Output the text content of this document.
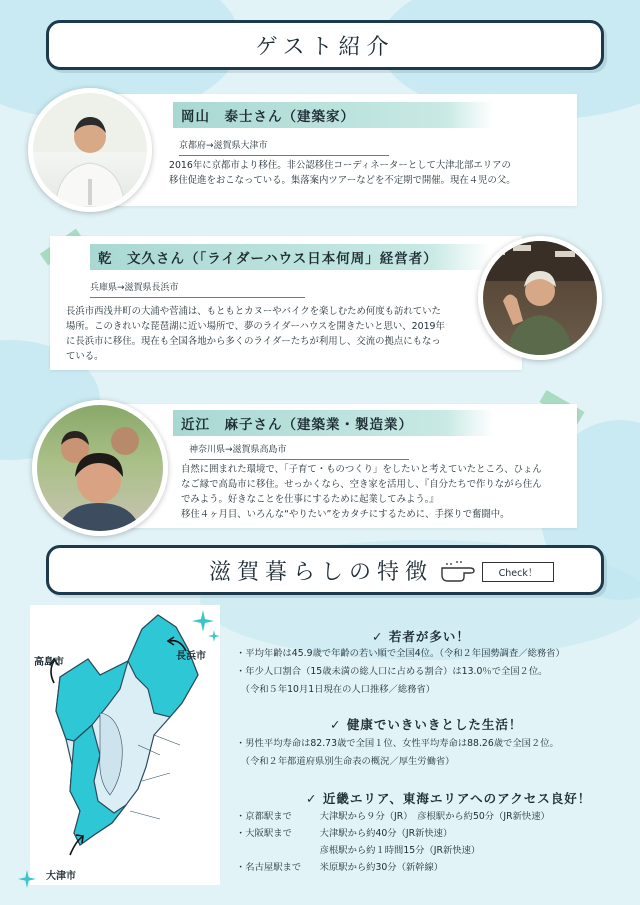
ゲスト紹介
岡山　泰士さん（建築家）
京都府→滋賀県大津市
2016年に京都市より移住。非公認移住コーディネーターとして大津北部エリアの
移住促進をおこなっている。集落案内ツアーなどを不定期で開催。現在４児の父。
乾　文久さん（「ライダーハウス日本何周」経営者）
兵庫県→滋賀県長浜市
長浜市西浅井町の大浦や菅浦は、もともとカヌーやバイクを楽しむため何度も訪れていた
場所。このきれいな琵琶湖に近い場所で、夢のライダーハウスを開きたいと思い、2019年
に長浜市に移住。現在も全国各地から多くのライダーたちが利用し、交流の拠点にもなっ
ている。
近江　麻子さん（建築業・製造業）
神奈川県→滋賀県高島市
自然に囲まれた環境で、「子育て・ものつくり」をしたいと考えていたところ、ひょん
なご縁で高島市に移住。せっかくなら、空き家を活用し、『自分たちで作りながら住ん
でみよう。好きなことを仕事にするために起業してみよう。』
移住４ヶ月目、いろんな“やりたい”をカタチにするために、手探りで奮闘中。
滋賀暮らしの特徴	Check！
高島市
長浜市
大津市
✓ 若者が多い！
・平均年齢は45.9歳で年齢の若い順で全国4位。（令和２年国勢調査／総務省）
・年少人口割合（15歳未満の総人口に占める割合）は13.0％で全国２位。
　（令和５年10月1日現在の人口推移／総務省）
✓ 健康でいきいきとした生活！
・男性平均寿命は82.73歳で全国１位、女性平均寿命は88.26歳で全国２位。
　（令和２年都道府県別生命表の概況／厚生労働省）
✓ 近畿エリア、東海エリアへのアクセス良好！
・京都駅まで　　　大津駅から９分（JR）　彦根駅から約50分（JR新快速）
・大阪駅まで　　　大津駅から約40分（JR新快速）
　　　　　　　　　彦根駅から約１時間15分（JR新快速）
・名古屋駅まで　　米原駅から約30分（新幹線）
